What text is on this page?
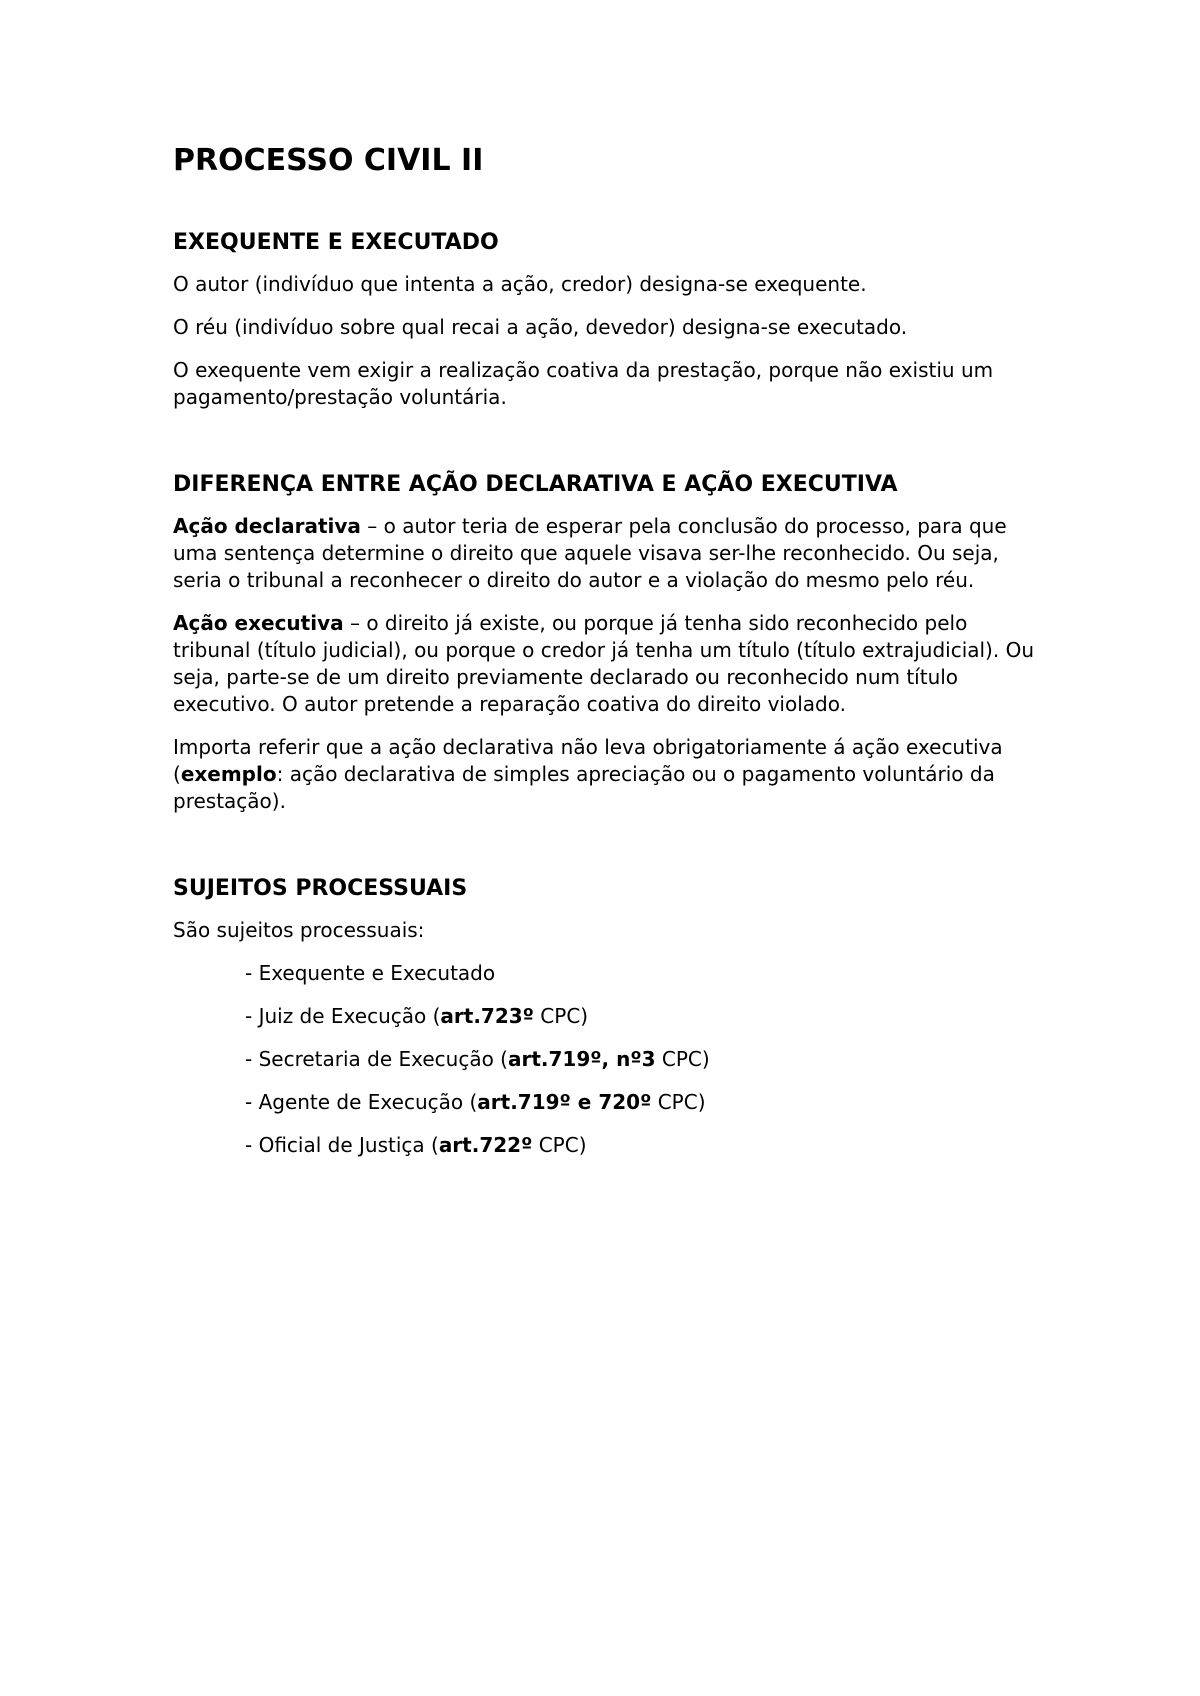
PROCESSO CIVIL II
EXEQUENTE E EXECUTADO

O autor (indivíduo que intenta a ação, credor) designa-se exequente.

O réu (indivíduo sobre qual recai a ação, devedor) designa-se executado.

O exequente vem exigir a realização coativa da prestação, porque não existiu um pagamento/prestação voluntária.

DIFERENÇA ENTRE AÇÃO DECLARATIVA E AÇÃO EXECUTIVA

Ação declarativa – o autor teria de esperar pela conclusão do processo, para que uma sentença determine o direito que aquele visava ser-lhe reconhecido. Ou seja, seria o tribunal a reconhecer o direito do autor e a violação do mesmo pelo réu.

Ação executiva – o direito já existe, ou porque já tenha sido reconhecido pelo tribunal (título judicial), ou porque o credor já tenha um título (título extrajudicial). Ou seja, parte-se de um direito previamente declarado ou reconhecido num título executivo. O autor pretende a reparação coativa do direito violado.

Importa referir que a ação declarativa não leva obrigatoriamente á ação executiva (exemplo: ação declarativa de simples apreciação ou o pagamento voluntário da prestação).

SUJEITOS PROCESSUAIS

São sujeitos processuais:

- Exequente e Executado
- Juiz de Execução (art.723º CPC)
- Secretaria de Execução (art.719º, nº3 CPC)
- Agente de Execução (art.719º e 720º CPC)
- Oficial de Justiça (art.722º CPC)
